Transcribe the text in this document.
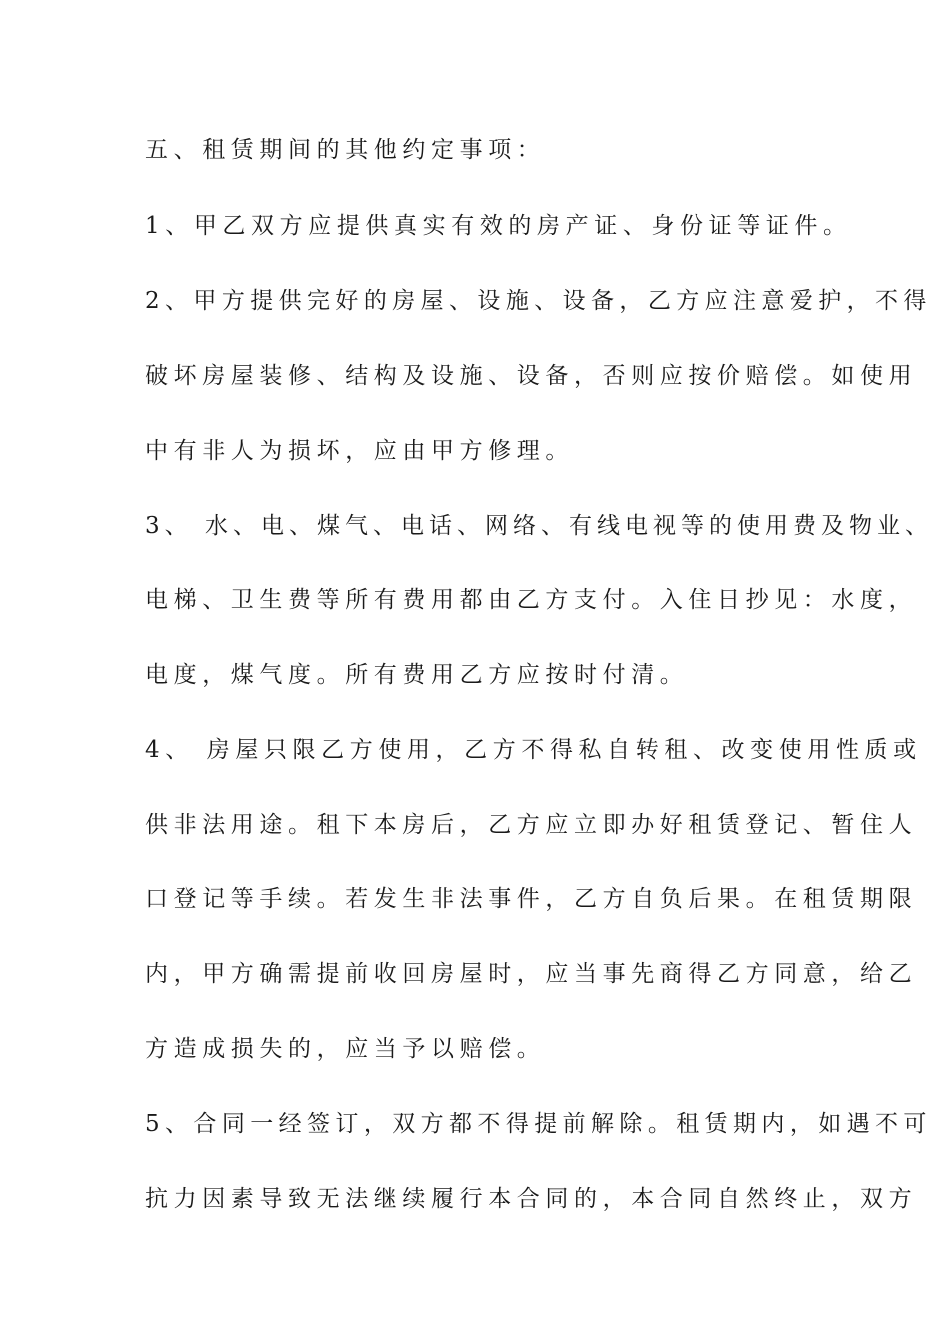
五、租赁期间的其他约定事项：
1、甲乙双方应提供真实有效的房产证、身份证等证件。
2、甲方提供完好的房屋、设施、设备，乙方应注意爱护，不得
破坏房屋装修、结构及设施、设备，否则应按价赔偿。如使用
中有非人为损坏，应由甲方修理。
3、 水、电、煤气、电话、网络、有线电视等的使用费及物业、
电梯、卫生费等所有费用都由乙方支付。入住日抄见：水度，
电度，煤气度。所有费用乙方应按时付清。
4、 房屋只限乙方使用，乙方不得私自转租、改变使用性质或
供非法用途。租下本房后，乙方应立即办好租赁登记、暂住人
口登记等手续。若发生非法事件，乙方自负后果。在租赁期限
内，甲方确需提前收回房屋时，应当事先商得乙方同意，给乙
方造成损失的，应当予以赔偿。
5、合同一经签订，双方都不得提前解除。租赁期内，如遇不可
抗力因素导致无法继续履行本合同的，本合同自然终止，双方
